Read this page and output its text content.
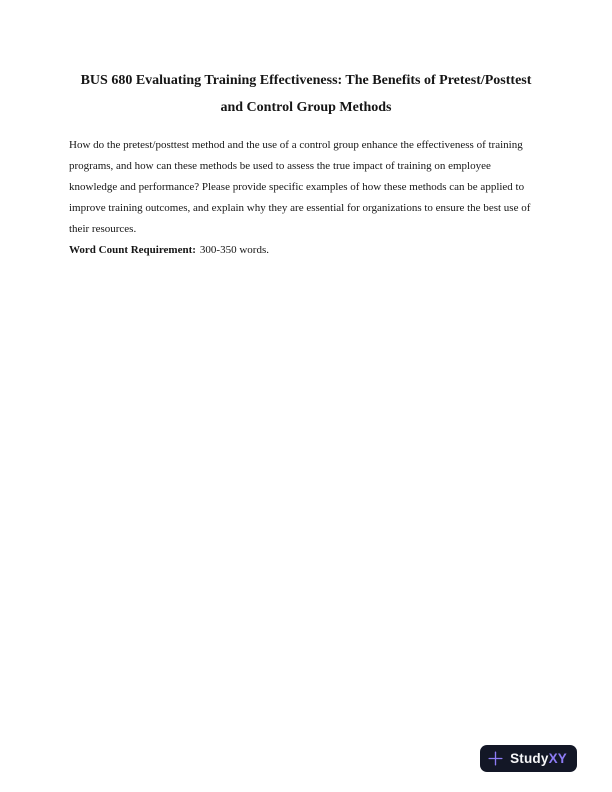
BUS 680 Evaluating Training Effectiveness: The Benefits of Pretest/Posttest
and Control Group Methods
How do the pretest/posttest method and the use of a control group enhance the effectiveness of training
programs, and how can these methods be used to assess the true impact of training on employee
knowledge and performance? Please provide specific examples of how these methods can be applied to
improve training outcomes, and explain why they are essential for organizations to ensure the best use of
their resources.
Word Count Requirement: 300-350 words.
StudyXY
